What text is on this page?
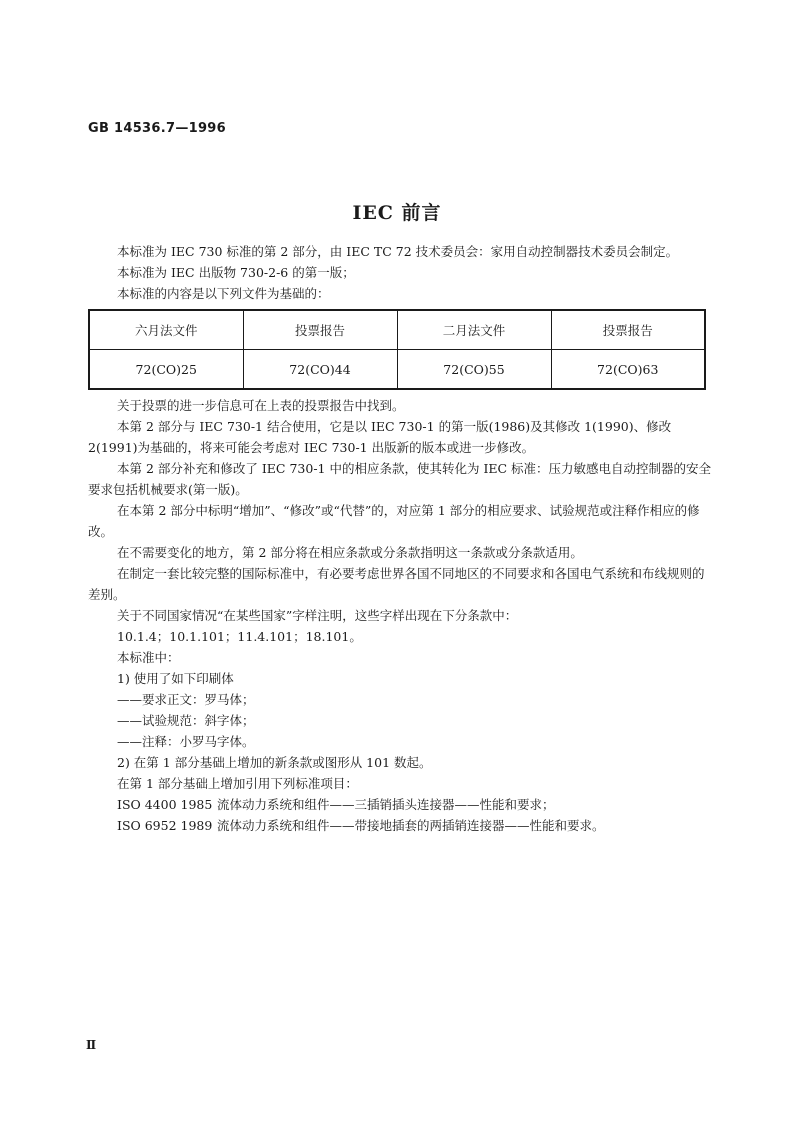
GB 14536.7—1996
IEC 前言

本标准为 IEC 730 标准的第 2 部分，由 IEC TC 72 技术委员会：家用自动控制器技术委员会制定。

本标准为 IEC 出版物 730-2-6 的第一版；

本标准的内容是以下列文件为基础的：

六月法文件	投票报告	二月法文件	投票报告
72(CO)25	72(CO)44	72(CO)55	72(CO)63

关于投票的进一步信息可在上表的投票报告中找到。

本第 2 部分与 IEC 730-1 结合使用，它是以 IEC 730-1 的第一版(1986)及其修改 1(1990)、修改 2(1991)为基础的，将来可能会考虑对 IEC 730-1 出版新的版本或进一步修改。

本第 2 部分补充和修改了 IEC 730-1 中的相应条款，使其转化为 IEC 标准：压力敏感电自动控制器的安全要求包括机械要求(第一版)。

在本第 2 部分中标明“增加”、“修改”或“代替”的，对应第 1 部分的相应要求、试验规范或注释作相应的修改。

在不需要变化的地方，第 2 部分将在相应条款或分条款指明这一条款或分条款适用。

在制定一套比较完整的国际标准中，有必要考虑世界各国不同地区的不同要求和各国电气系统和布线规则的差别。

关于不同国家情况“在某些国家”字样注明，这些字样出现在下分条款中：

10.1.4；10.1.101；11.4.101；18.101。

本标准中：

1) 使用了如下印刷体

——要求正文：罗马体；

——试验规范：斜字体；

——注释：小罗马字体。

2) 在第 1 部分基础上增加的新条款或图形从 101 数起。

在第 1 部分基础上增加引用下列标准项目：

ISO 4400 1985 流体动力系统和组件——三插销插头连接器——性能和要求；
ISO 6952 1989 流体动力系统和组件——带接地插套的两插销连接器——性能和要求。
Ⅱ
